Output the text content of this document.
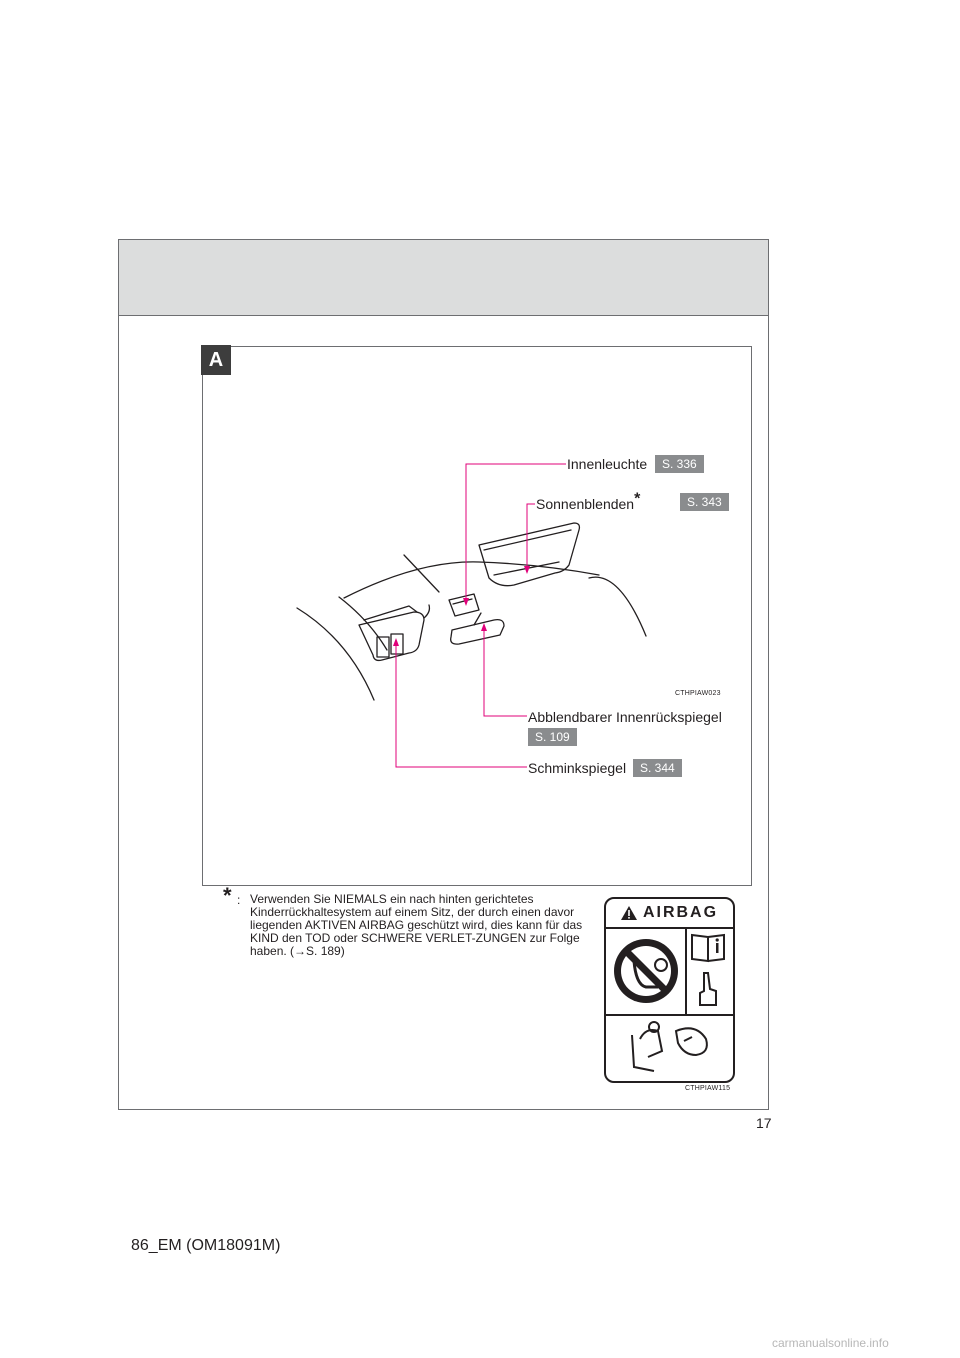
A
Innenleuchte	S. 336
Sonnenblenden*	S. 343
CTHPIAW023
Abblendbarer Innenrückspiegel
S. 109
Schminkspiegel	S. 344
* : Verwenden Sie NIEMALS ein nach hinten gerichtetes Kinderrückhaltesystem auf einem Sitz, der durch einen davor liegenden AKTIVEN AIRBAG geschützt wird, dies kann für das KIND den TOD oder SCHWERE VERLET-ZUNGEN zur Folge haben. (→S. 189)
AIRBAG
CTHPIAW115
17
86_EM (OM18091M)
carmanualsonline.info
